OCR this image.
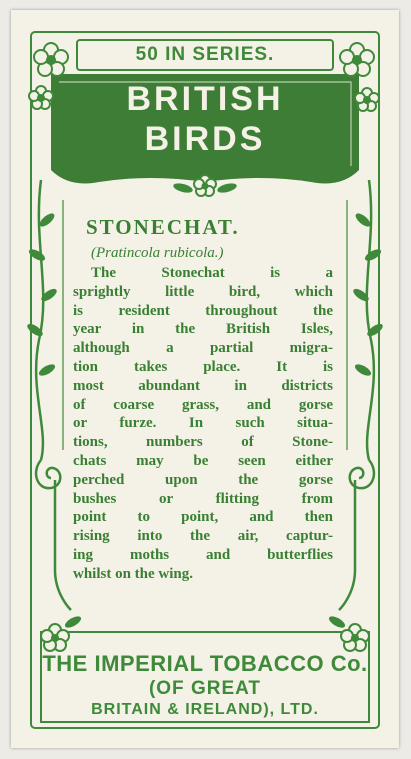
50 IN SERIES.
BRITISH
BIRDS
STONECHAT.
(Pratincola rubicola.)
The Stonechat is a
sprightly little bird, which
is resident throughout the
year in the British Isles,
although a partial migra-
tion takes place. It is
most abundant in districts
of coarse grass, and gorse
or furze. In such situa-
tions, numbers of Stone-
chats may be seen either
perched upon the gorse
bushes or flitting from
point to point, and then
rising into the air, captur-
ing moths and butterflies
whilst on the wing.
THE IMPERIAL TOBACCO Co.
(OF GREAT
BRITAIN & IRELAND), LTD.
